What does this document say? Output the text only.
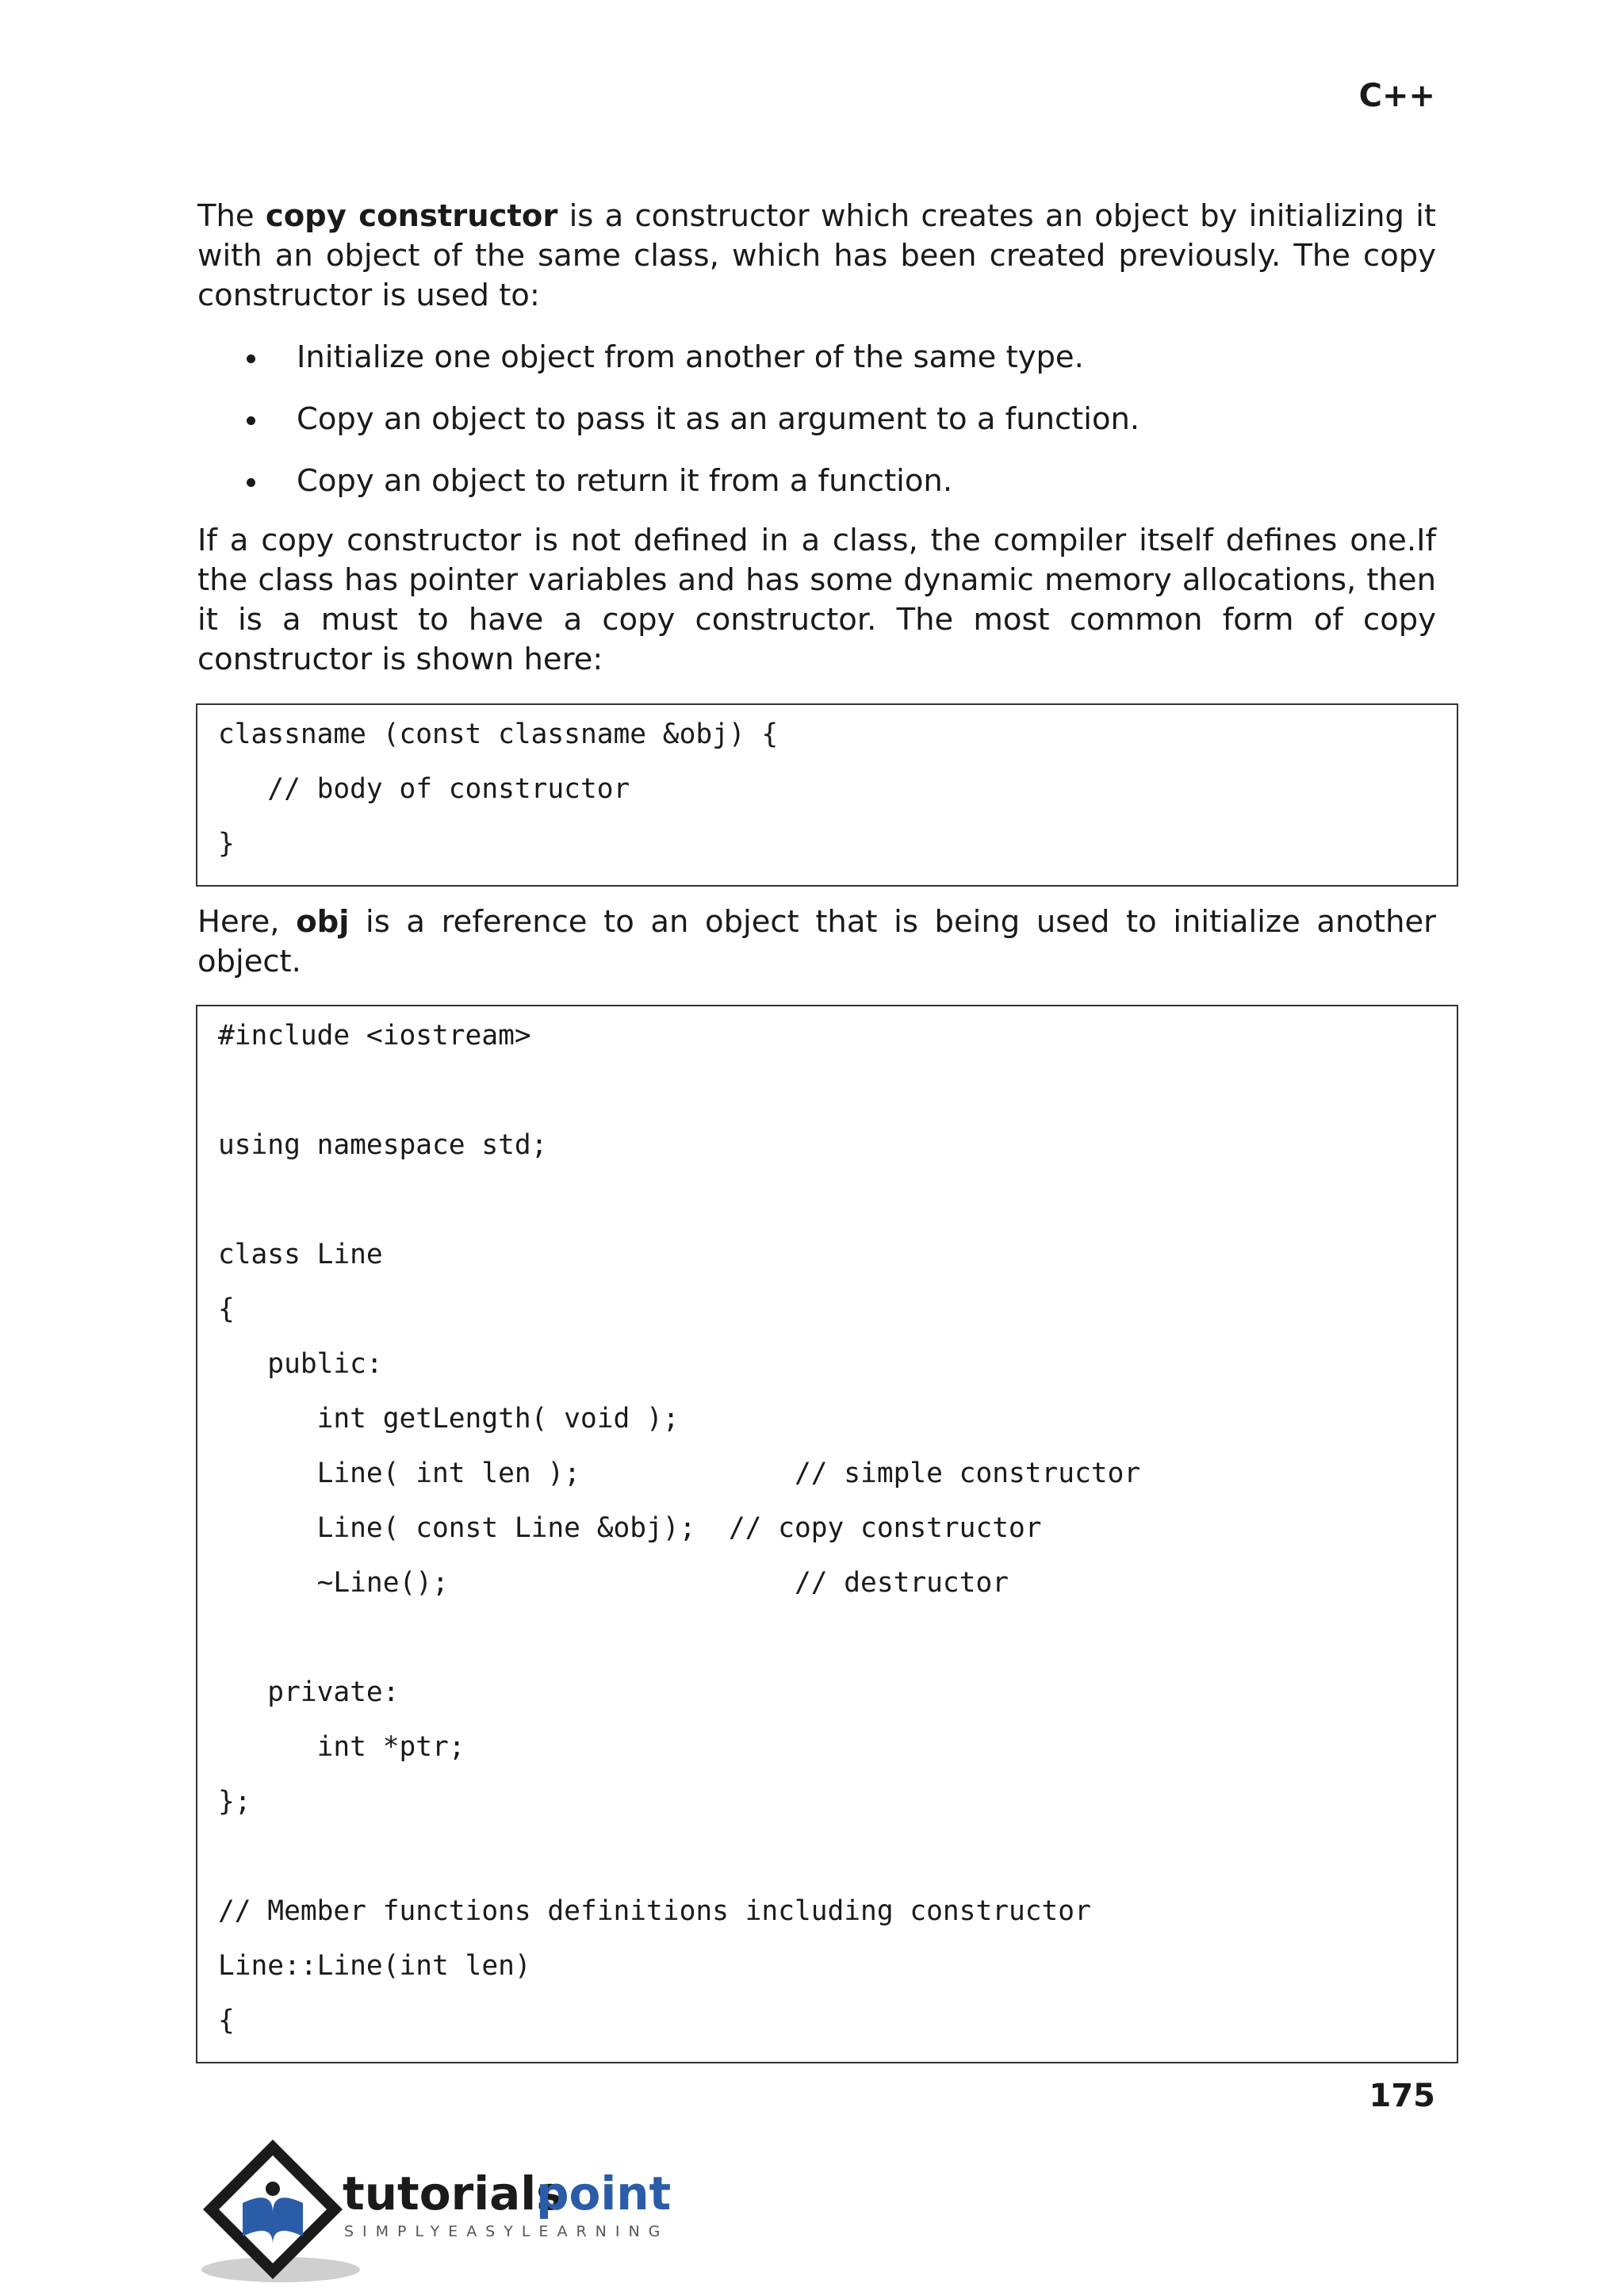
C++
The copy constructor is a constructor which creates an object by initializing it with an object of the same class, which has been created previously. The copy constructor is used to:
Initialize one object from another of the same type.
Copy an object to pass it as an argument to a function.
Copy an object to return it from a function.
If a copy constructor is not defined in a class, the compiler itself defines one.If the class has pointer variables and has some dynamic memory allocations, then it is a must to have a copy constructor. The most common form of copy constructor is shown here:
classname (const classname &obj) {
// body of constructor
}
Here, obj is a reference to an object that is being used to initialize another object.
#include <iostream>
using namespace std;
class Line
{
public:
int getLength( void );
Line( int len );             // simple constructor
Line( const Line &obj);  // copy constructor
~Line();                     // destructor
private:
int *ptr;
};
// Member functions definitions including constructor
Line::Line(int len)
{
175
tutorials
point
SIMPLYEASYLEARNING
